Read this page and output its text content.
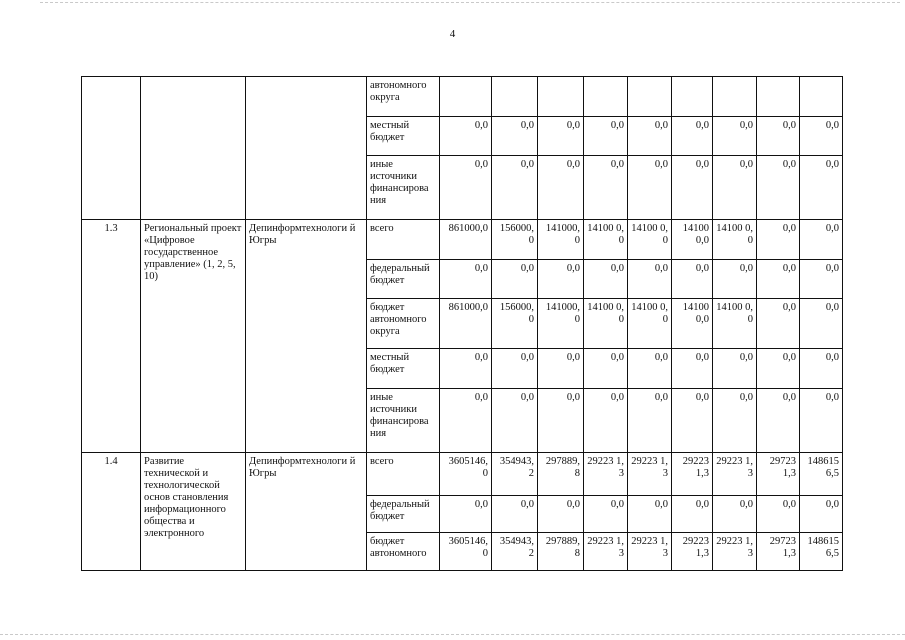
4
			автономного округа									
			местный бюджет	0,0	0,0	0,0	0,0	0,0	0,0	0,0	0,0	0,0
			иные источники финансирова ния	0,0	0,0	0,0	0,0	0,0	0,0	0,0	0,0	0,0
1.3	Региональный проект «Цифровое государственное управление» (1, 2, 5, 10)	Депинформтехнологи й Югры	всего	861000,0	156000, 0	141000, 0	14100 0,0	14100 0,0	14100 0,0	14100 0,0	0,0	0,0
			федеральный бюджет	0,0	0,0	0,0	0,0	0,0	0,0	0,0	0,0	0,0
			бюджет автономного округа	861000,0	156000, 0	141000, 0	14100 0,0	14100 0,0	14100 0,0	14100 0,0	0,0	0,0
			местный бюджет	0,0	0,0	0,0	0,0	0,0	0,0	0,0	0,0	0,0
			иные источники финансирова ния	0,0	0,0	0,0	0,0	0,0	0,0	0,0	0,0	0,0
1.4	Развитие технической и технологической основ становления информационного общества и электронного	Депинформтехнологи й Югры	всего	3605146, 0	354943, 2	297889, 8	29223 1,3	29223 1,3	29223 1,3	29223 1,3	29723 1,3	148615 6,5
			федеральный бюджет	0,0	0,0	0,0	0,0	0,0	0,0	0,0	0,0	0,0
			бюджет автономного	3605146, 0	354943, 2	297889, 8	29223 1,3	29223 1,3	29223 1,3	29223 1,3	29723 1,3	148615 6,5
